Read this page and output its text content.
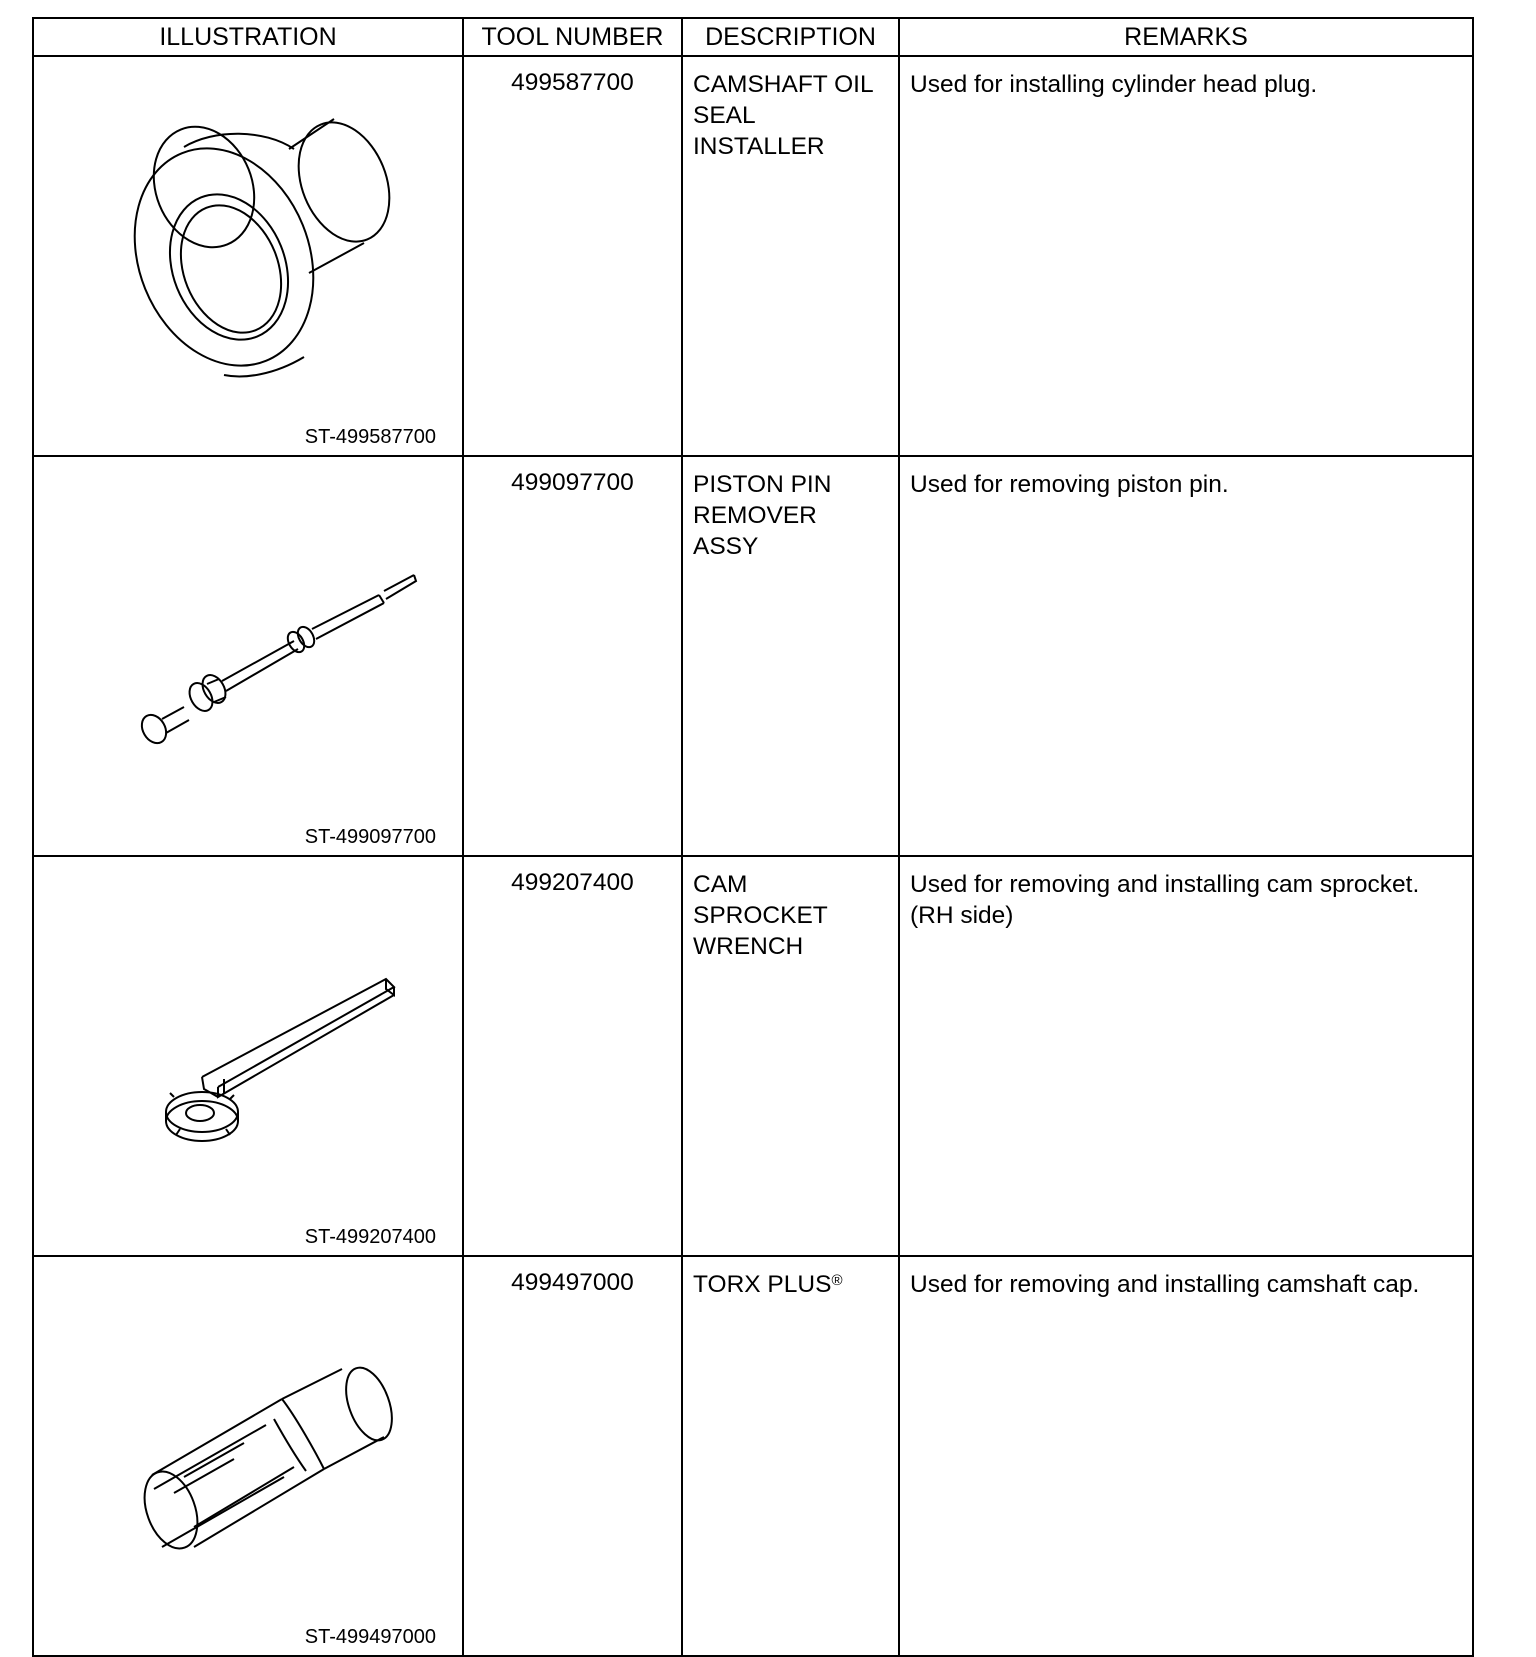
ILLUSTRATION	TOOL NUMBER	DESCRIPTION	REMARKS

ST-499587700	499587700	CAMSHAFT OIL
SEAL
INSTALLER	Used for installing cylinder head plug.

ST-499097700	499097700	PISTON PIN
REMOVER
ASSY	Used for removing piston pin.

ST-499207400	499207400	CAM
SPROCKET
WRENCH	Used for removing and installing cam sprocket.
(RH side)

ST-499497000	499497000	TORX PLUS®	Used for removing and installing camshaft cap.
